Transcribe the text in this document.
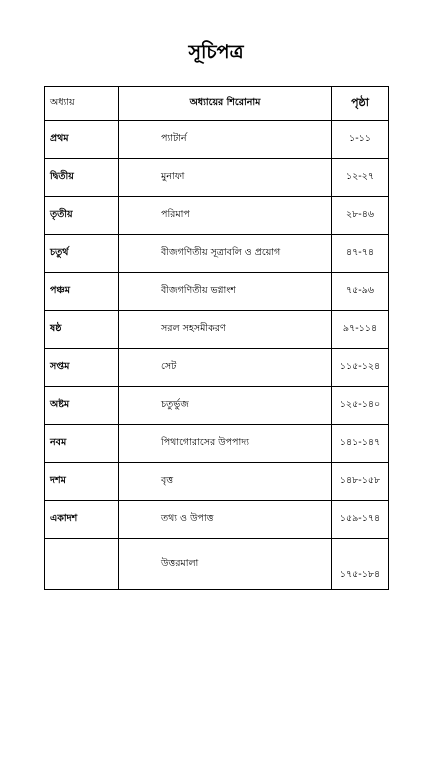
সূচিপত্র
অধ্যায়	অধ্যায়ের শিরোনাম	পৃষ্ঠা
প্রথম	প্যাটার্ন	১-১১
দ্বিতীয়	মুনাফা	১২-২৭
তৃতীয়	পরিমাপ	২৮-৪৬
চতুর্থ	বীজগণিতীয় সূত্রাবলি ও প্রয়োগ	৪৭-৭৪
পঞ্চম	বীজগণিতীয় ভগ্নাংশ	৭৫-৯৬
ষষ্ঠ	সরল সহসমীকরণ	৯৭-১১৪
সপ্তম	সেট	১১৫-১২৪
অষ্টম	চতুর্ভুজ	১২৫-১৪০
নবম	পিথাগোরাসের উপপাদ্য	১৪১-১৪৭
দশম	বৃত্ত	১৪৮-১৫৮
একাদশ	তথ্য ও উপাত্ত	১৫৯-১৭৪
	উত্তরমালা	১৭৫-১৮৪
